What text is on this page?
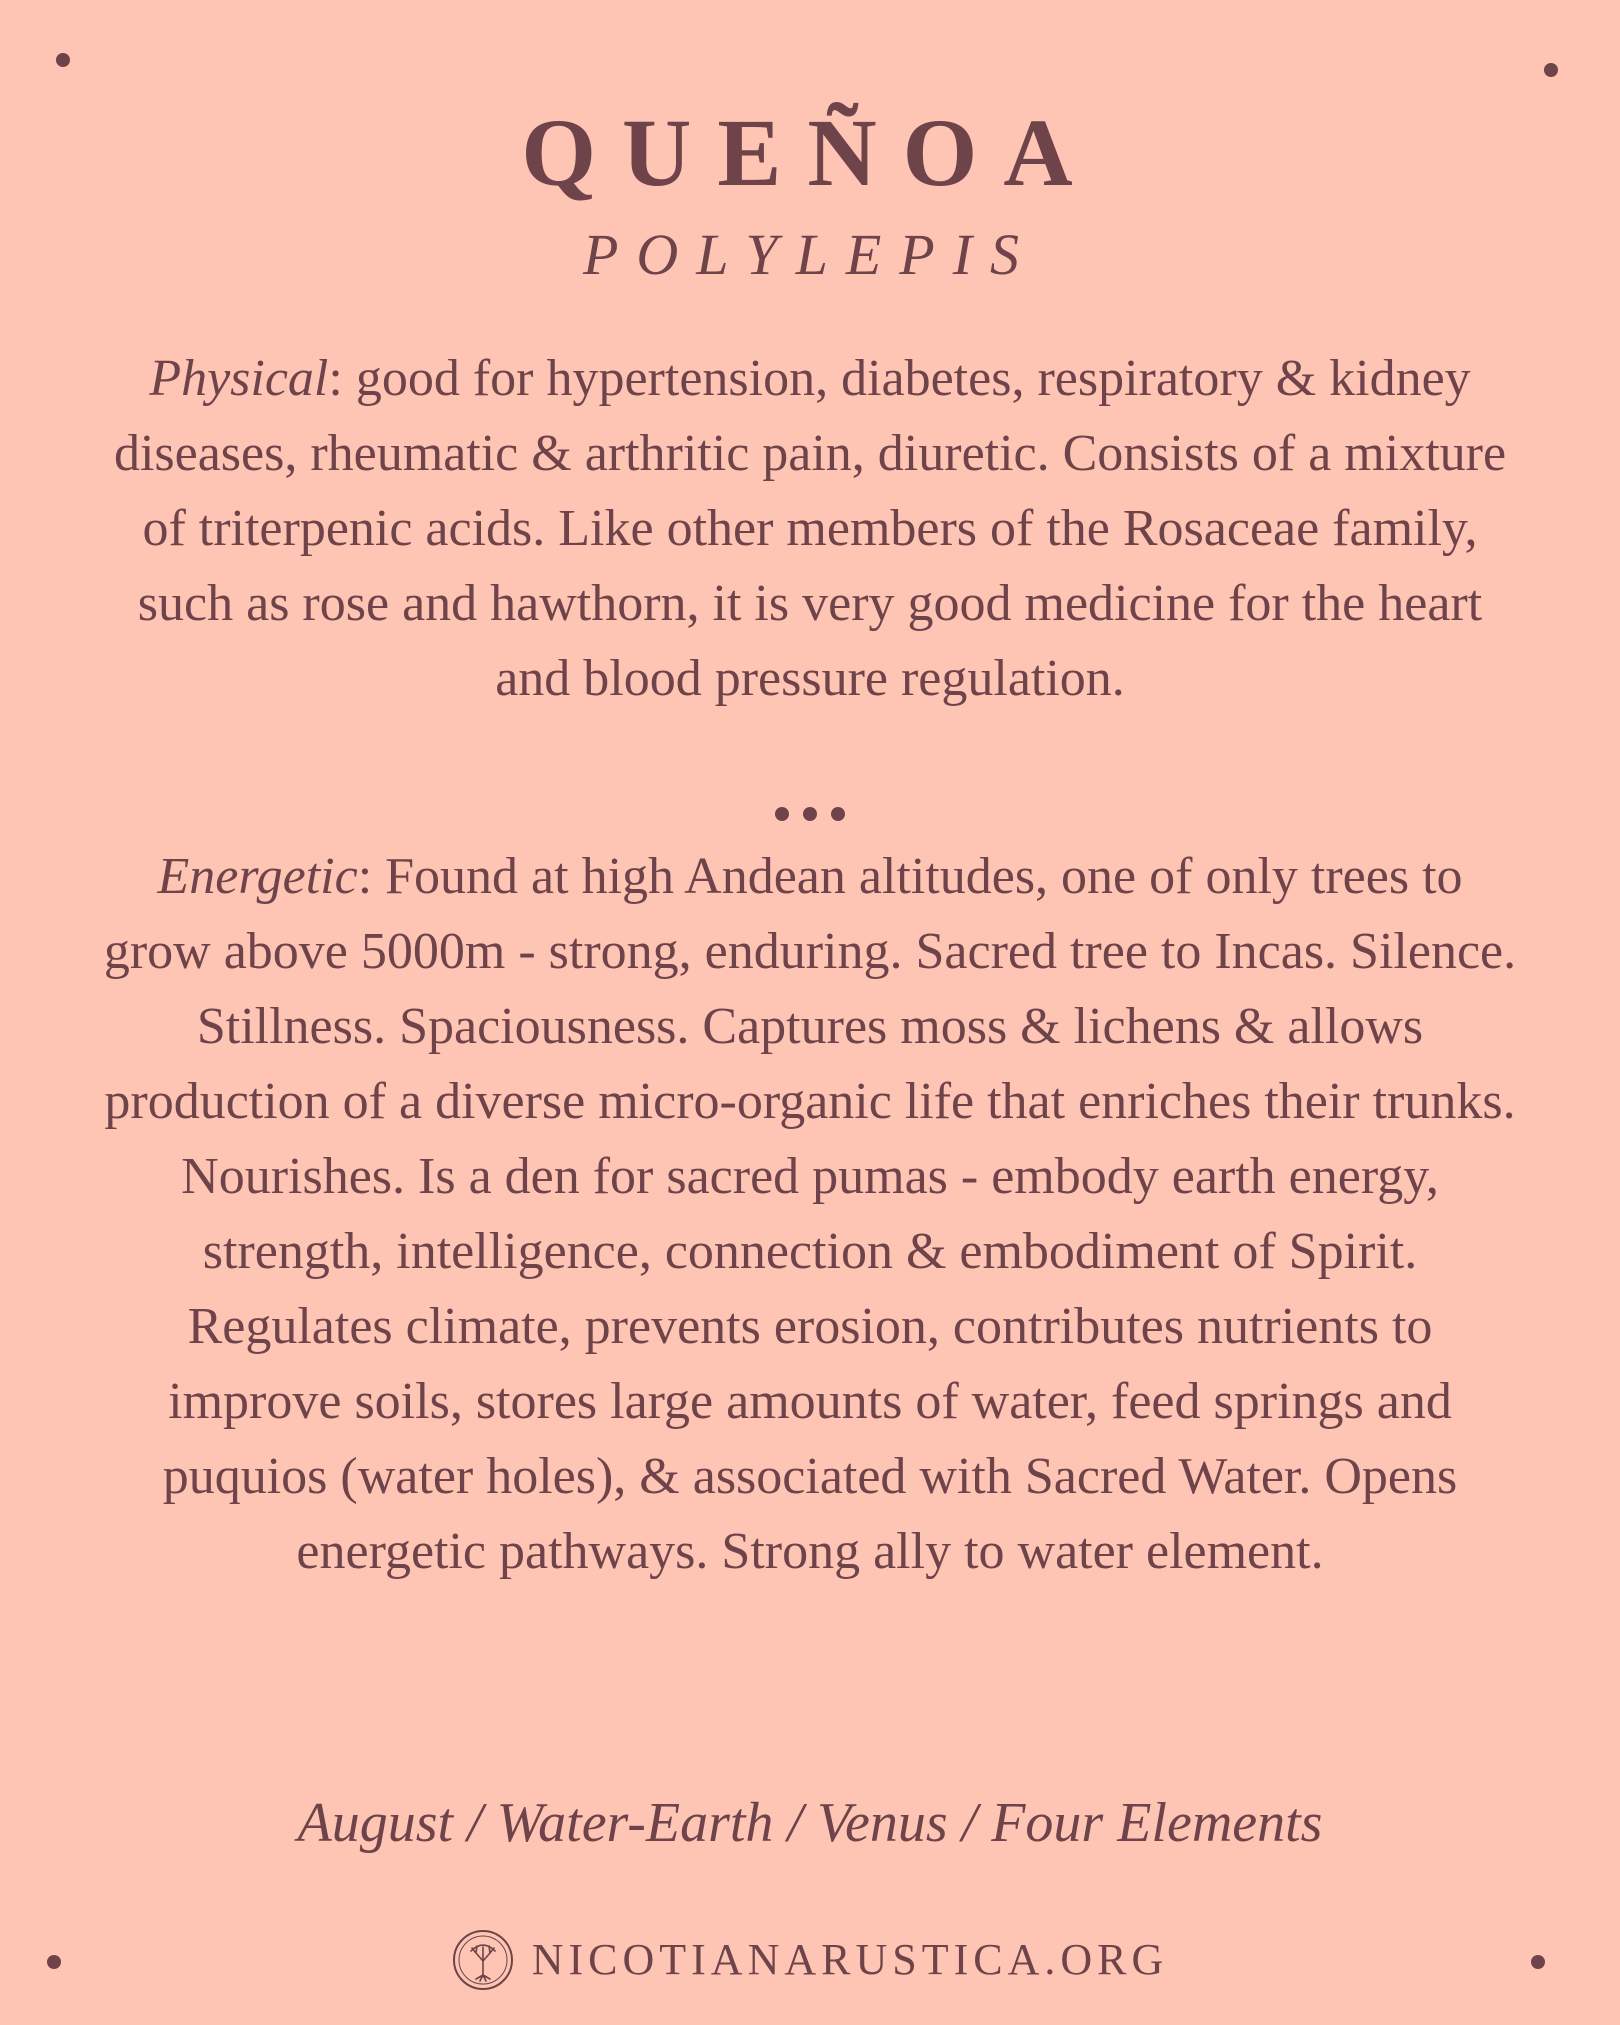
QUEÑOA
POLYLEPIS

Physical: good for hypertension, diabetes, respiratory & kidney diseases, rheumatic & arthritic pain, diuretic. Consists of a mixture of triterpenic acids. Like other members of the Rosaceae family, such as rose and hawthorn, it is very good medicine for the heart and blood pressure regulation.

Energetic: Found at high Andean altitudes, one of only trees to grow above 5000m - strong, enduring. Sacred tree to Incas. Silence. Stillness. Spaciousness. Captures moss & lichens & allows production of a diverse micro-organic life that enriches their trunks. Nourishes. Is a den for sacred pumas - embody earth energy, strength, intelligence, connection & embodiment of Spirit. Regulates climate, prevents erosion, contributes nutrients to improve soils, stores large amounts of water, feed springs and puquios (water holes), & associated with Sacred Water. Opens energetic pathways. Strong ally to water element.

August / Water-Earth / Venus / Four Elements
NICOTIANARUSTICA.ORG
